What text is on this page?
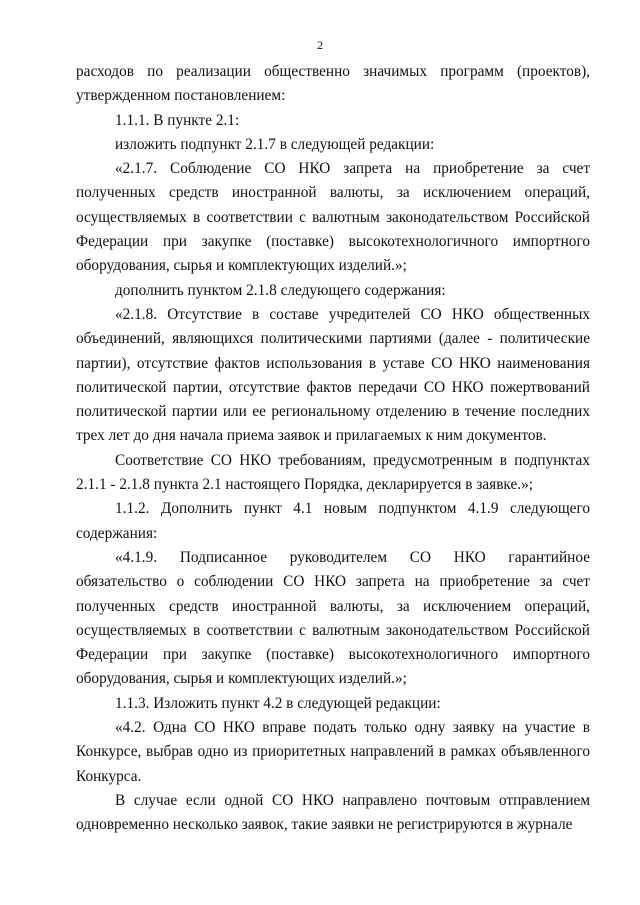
2

расходов по реализации общественно значимых программ (проектов), утвержденном постановлением:

1.1.1. В пункте 2.1:

изложить подпункт 2.1.7 в следующей редакции:

«2.1.7. Соблюдение СО НКО запрета на приобретение за счет полученных средств иностранной валюты, за исключением операций, осуществляемых в соответствии с валютным законодательством Российской Федерации при закупке (поставке) высокотехнологичного импортного оборудования, сырья и комплектующих изделий.»;

дополнить пунктом 2.1.8 следующего содержания:

«2.1.8. Отсутствие в составе учредителей СО НКО общественных объединений, являющихся политическими партиями (далее - политические партии), отсутствие фактов использования в уставе СО НКО наименования политической партии, отсутствие фактов передачи СО НКО пожертвований политической партии или ее региональному отделению в течение последних трех лет до дня начала приема заявок и прилагаемых к ним документов.

Соответствие СО НКО требованиям, предусмотренным в подпунктах 2.1.1 - 2.1.8 пункта 2.1 настоящего Порядка, декларируется в заявке.»;

1.1.2. Дополнить пункт 4.1 новым подпунктом 4.1.9 следующего содержания:

«4.1.9. Подписанное руководителем СО НКО гарантийное обязательство о соблюдении СО НКО запрета на приобретение за счет полученных средств иностранной валюты, за исключением операций, осуществляемых в соответствии с валютным законодательством Российской Федерации при закупке (поставке) высокотехнологичного импортного оборудования, сырья и комплектующих изделий.»;

1.1.3. Изложить пункт 4.2 в следующей редакции:

«4.2. Одна СО НКО вправе подать только одну заявку на участие в Конкурсе, выбрав одно из приоритетных направлений в рамках объявленного Конкурса.

В случае если одной СО НКО направлено почтовым отправлением одновременно несколько заявок, такие заявки не регистрируются в журнале
